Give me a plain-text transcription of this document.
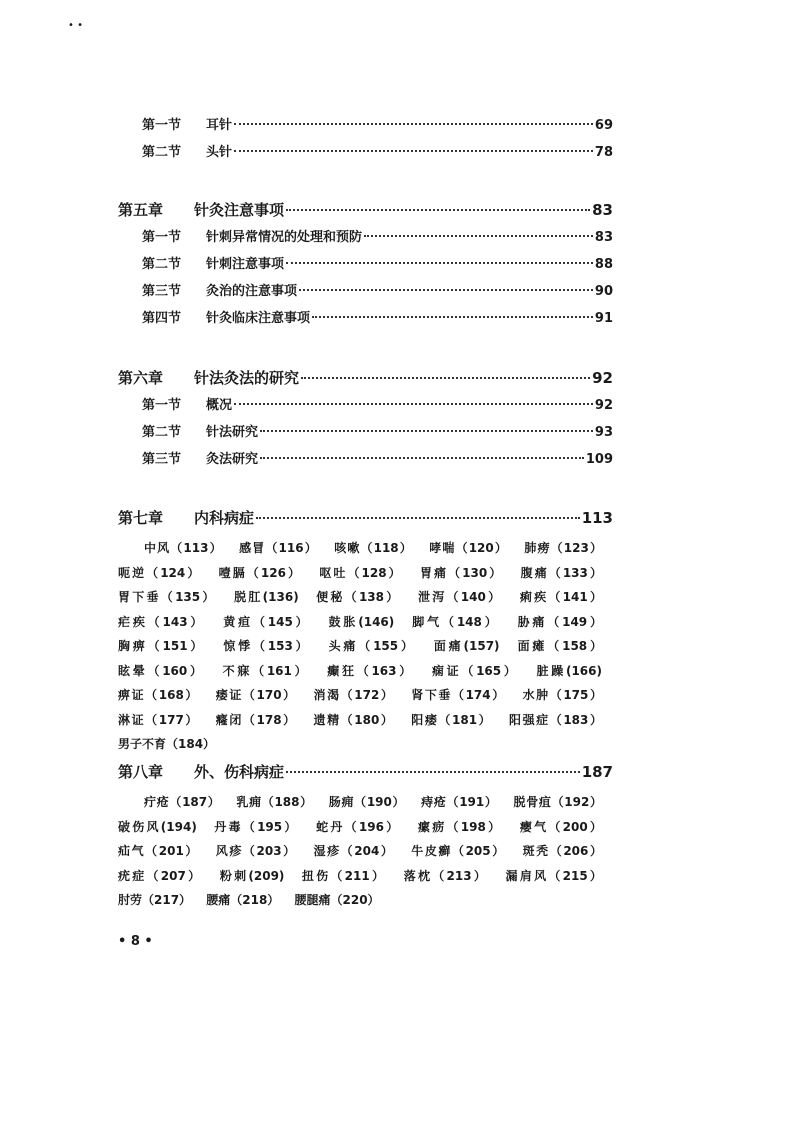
• •
第一节	耳针	69
第二节	头针	78
第五章	针灸注意事项	83
第一节	针刺异常情况的处理和预防	83
第二节	针刺注意事项	88
第三节	灸治的注意事项	90
第四节	针灸临床注意事项	91
第六章	针法灸法的研究	92
第一节	概况	92
第二节	针法研究	93
第三节	灸法研究	109
第七章	内科病症	113
中风（113） 感冒（116） 咳嗽（118） 哮喘（120） 肺痨（123） 呃逆（124） 噎膈（126） 呕吐（128） 胃痛（130） 腹痛（133） 胃下垂（135） 脱肛(136) 便秘（138） 泄泻（140） 痢疾（141） 疟疾（143） 黄疸（145） 鼓胀(146) 脚气（148） 胁痛（149） 胸痹（151） 惊悸（153） 头痛（155） 面痛(157) 面瘫（158） 眩晕（160） 不寐（161） 癫狂（163） 痫证（165） 脏躁(166) 痹证（168） 痿证（170） 消渴（172） 肾下垂（174） 水肿（175） 淋证（177） 癃闭（178） 遗精（180） 阳痿（181） 阳强症（183） 男子不育（184）
第八章	外、伤科病症	187
疔疮（187） 乳痈（188） 肠痈（190） 痔疮（191） 脱骨疽（192） 破伤风(194) 丹毒（195） 蛇丹（196） 瘰疬（198） 瘿气（200） 疝气（201） 风疹（203） 湿疹（204） 牛皮癣（205） 斑秃（206） 疣症（207） 粉刺(209) 扭伤（211） 落枕（213） 漏肩风（215） 肘劳（217） 腰痛（218） 腰腿痛（220）
• 8 •
